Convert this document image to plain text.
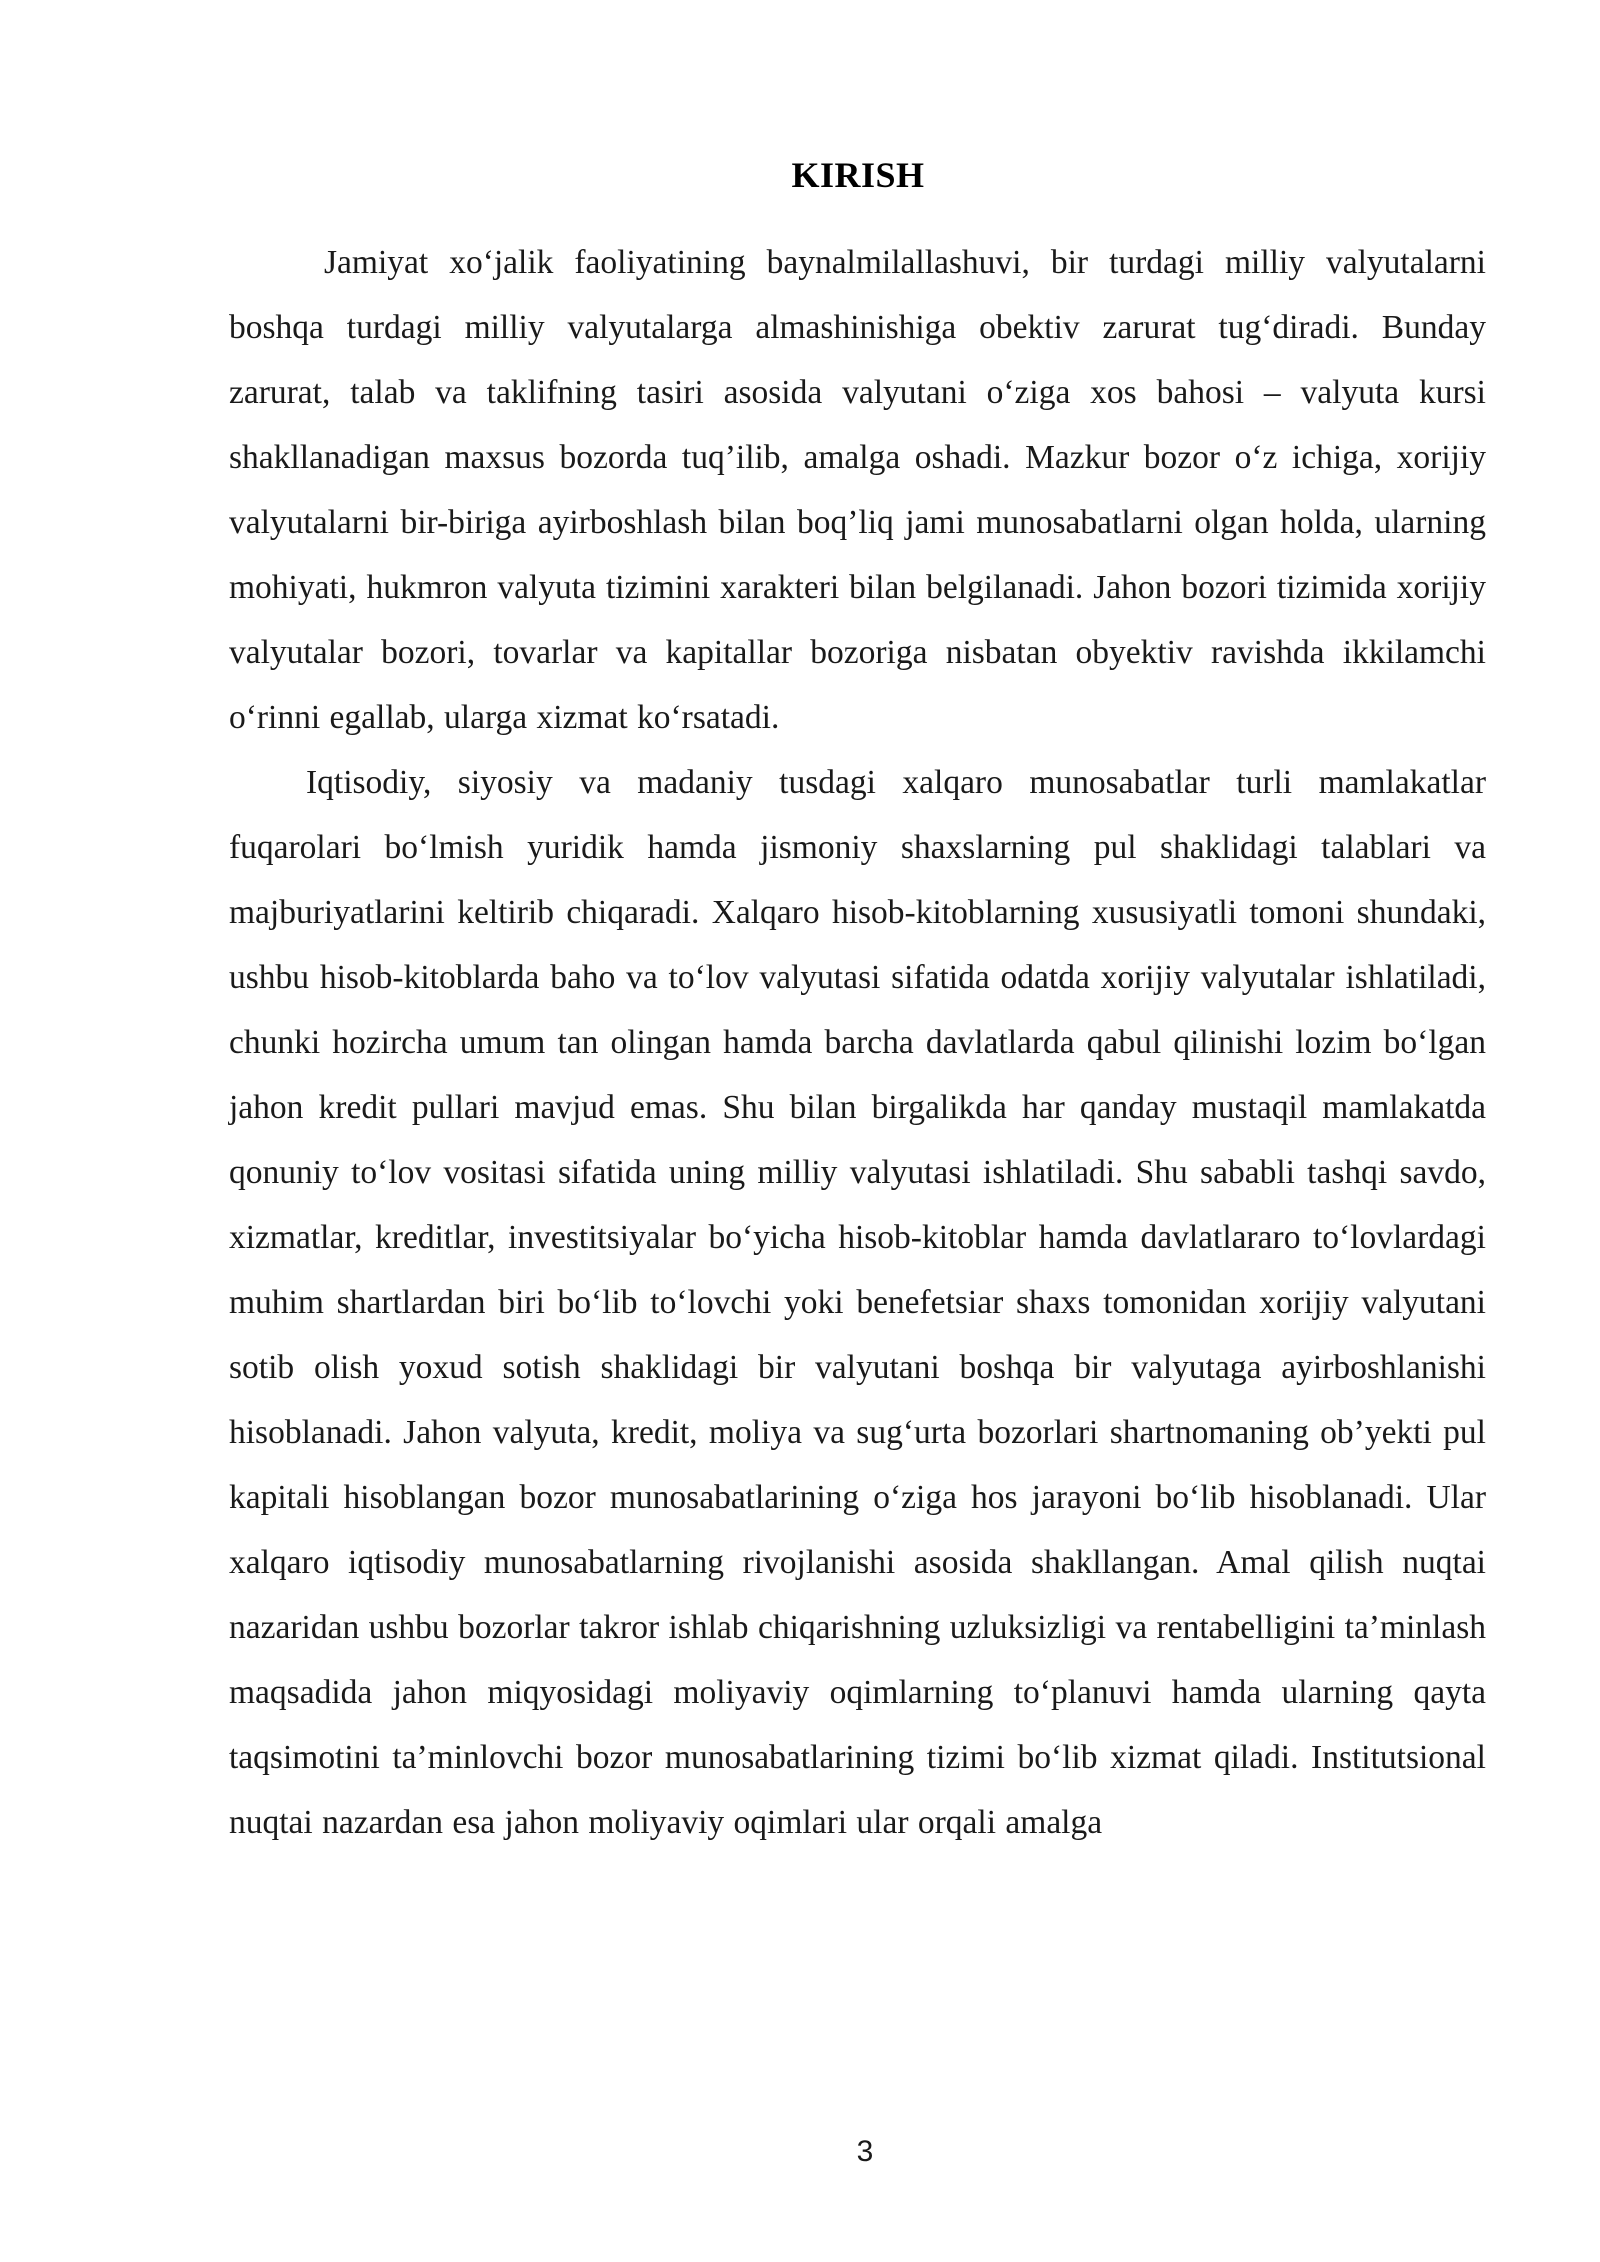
KIRISH

Jamiyat xo‘jalik faoliyatining baynalmilallashuvi, bir turdagi milliy valyutalarni boshqa turdagi milliy valyutalarga almashinishiga obektiv zarurat tug‘diradi. Bunday zarurat, talab va taklifning tasiri asosida valyutani o‘ziga xos bahosi – valyuta kursi shakllanadigan maxsus bozorda tuq’ilib, amalga oshadi. Mazkur bozor o‘z ichiga, xorijiy valyutalarni bir-biriga ayirboshlash bilan boq’liq jami munosabatlarni olgan holda, ularning mohiyati, hukmron valyuta tizimini xarakteri bilan belgilanadi. Jahon bozori tizimida xorijiy valyutalar bozori, tovarlar va kapitallar bozoriga nisbatan obyektiv ravishda ikkilamchi o‘rinni egallab, ularga xizmat ko‘rsatadi.

Iqtisodiy, siyosiy va madaniy tusdagi xalqaro munosabatlar turli mamlakatlar fuqarolari bo‘lmish yuridik hamda jismoniy shaxslarning pul shaklidagi talablari va majburiyatlarini keltirib chiqaradi. Xalqaro hisob-kitoblarning xususiyatli tomoni shundaki, ushbu hisob-kitoblarda baho va to‘lov valyutasi sifatida odatda xorijiy valyutalar ishlatiladi, chunki hozircha umum tan olingan hamda barcha davlatlarda qabul qilinishi lozim bo‘lgan jahon kredit pullari mavjud emas. Shu bilan birgalikda har qanday mustaqil mamlakatda qonuniy to‘lov vositasi sifatida uning milliy valyutasi ishlatiladi. Shu sababli tashqi savdo, xizmatlar, kreditlar, investitsiyalar bo‘yicha hisob-kitoblar hamda davlatlararo to‘lovlardagi muhim shartlardan biri bo‘lib to‘lovchi yoki benefetsiar shaxs tomonidan xorijiy valyutani sotib olish yoxud sotish shaklidagi bir valyutani boshqa bir valyutaga ayirboshlanishi hisoblanadi. Jahon valyuta, kredit, moliya va sug‘urta bozorlari shartnomaning ob’yekti pul kapitali hisoblangan bozor munosabatlarining o‘ziga hos jarayoni bo‘lib hisoblanadi. Ular xalqaro iqtisodiy munosabatlarning rivojlanishi asosida shakllangan. Amal qilish nuqtai nazaridan ushbu bozorlar takror ishlab chiqarishning uzluksizligi va rentabelligini ta’minlash maqsadida jahon miqyosidagi moliyaviy oqimlarning to‘planuvi hamda ularning qayta taqsimotini ta’minlovchi bozor munosabatlarining tizimi bo‘lib xizmat qiladi. Institutsional nuqtai nazardan esa jahon moliyaviy oqimlari ular orqali amalga

3
